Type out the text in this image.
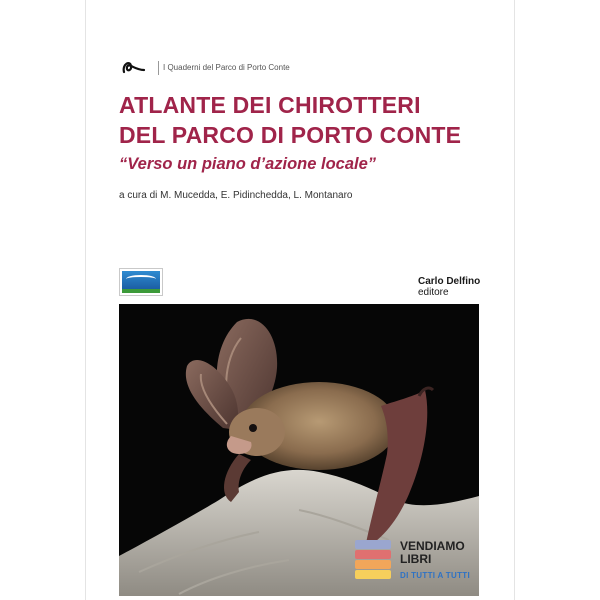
I Quaderni del Parco di Porto Conte
ATLANTE DEI CHIROTTERI
DEL PARCO DI PORTO CONTE
“Verso un piano d’azione locale”
a cura di M. Mucedda, E. Pidinchedda, L. Montanaro
Carlo Delfino
editore
VENDIAMO
LIBRI
DI TUTTI A TUTTI
